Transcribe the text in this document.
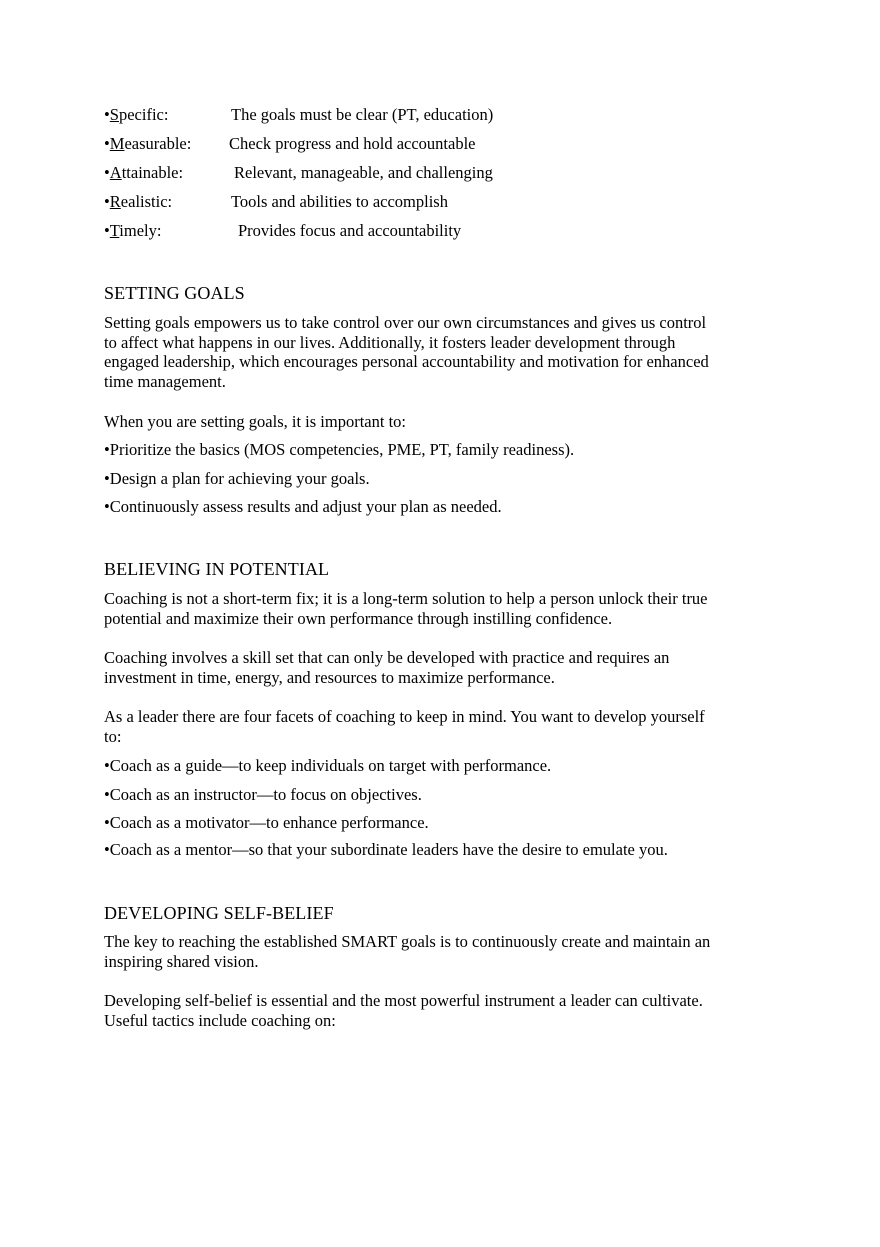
•Specific:	The goals must be clear (PT, education)
•Measurable: Check progress and hold accountable
•Attainable:	Relevant, manageable, and challenging
•Realistic:	Tools and abilities to accomplish
•Timely:	Provides focus and accountability
SETTING GOALS
Setting goals empowers us to take control over our own circumstances and gives us control to affect what happens in our lives. Additionally, it fosters leader development through engaged leadership, which encourages personal accountability and motivation for enhanced time management.
When you are setting goals, it is important to:
•Prioritize the basics (MOS competencies, PME, PT, family readiness).
•Design a plan for achieving your goals.
•Continuously assess results and adjust your plan as needed.
BELIEVING IN POTENTIAL
Coaching is not a short-term fix; it is a long-term solution to help a person unlock their true potential and maximize their own performance through instilling confidence.
Coaching involves a skill set that can only be developed with practice and requires an investment in time, energy, and resources to maximize performance.
As a leader there are four facets of coaching to keep in mind. You want to develop yourself to:
•Coach as a guide—to keep individuals on target with performance.
•Coach as an instructor—to focus on objectives.
•Coach as a motivator—to enhance performance.
•Coach as a mentor—so that your subordinate leaders have the desire to emulate you.
DEVELOPING SELF-BELIEF
The key to reaching the established SMART goals is to continuously create and maintain an inspiring shared vision.
Developing self-belief is essential and the most powerful instrument a leader can cultivate. Useful tactics include coaching on:
